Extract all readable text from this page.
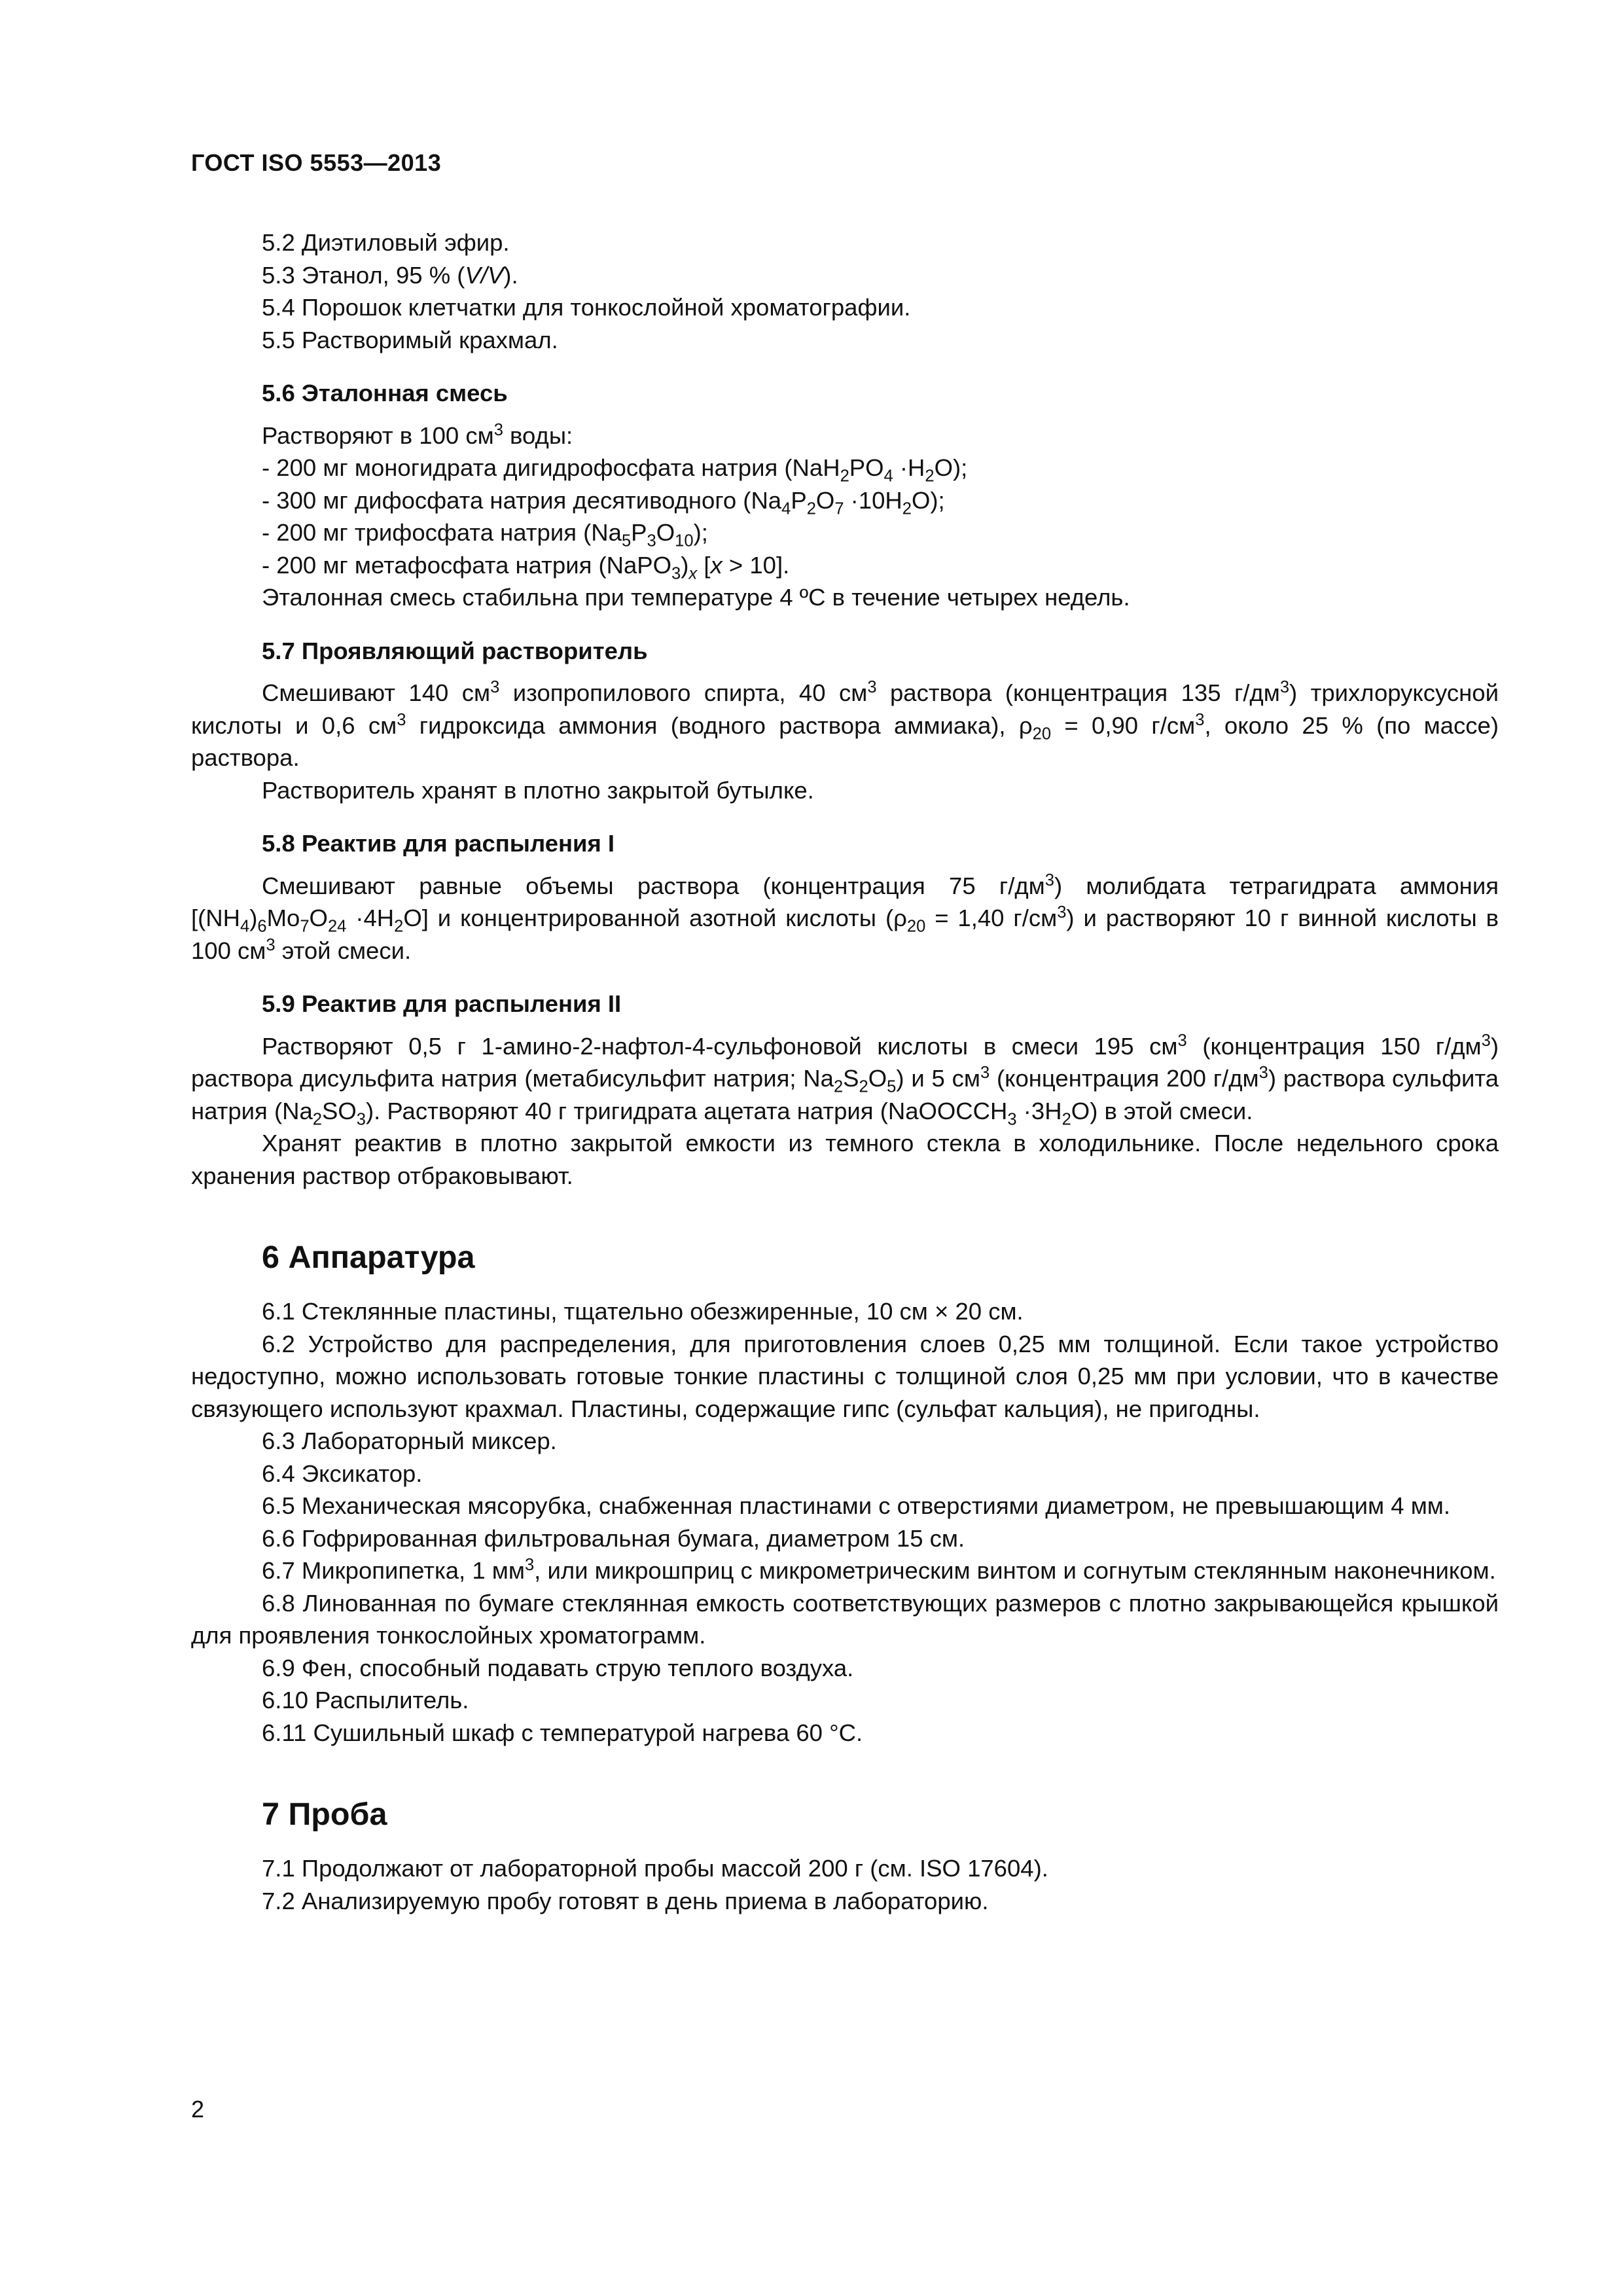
ГОСТ ISO 5553—2013

5.2 Диэтиловый эфир.

5.3 Этанол, 95 % (V/V).

5.4 Порошок клетчатки для тонкослойной хроматографии.

5.5 Растворимый крахмал.

5.6 Эталонная смесь

Растворяют в 100 $см^3$ воды:

- 200 мг моногидрата дигидрофосфата натрия $(NaH_2PO_4 \cdot H_2O)$;

- 300 мг дифосфата натрия десятиводного $(Na_4P_2O_7 \cdot 10H_2O)$;

- 200 мг трифосфата натрия $(Na_5P_3O_{10})$;

- 200 мг метафосфата натрия $(NaPO_3)_x$ [x > 10].

Эталонная смесь стабильна при температуре 4 ºС в течение четырех недель.

5.7 Проявляющий растворитель

Смешивают 140 $см^3$ изопропилового спирта, 40 $см^3$ раствора (концентрация 135 $г/дм^3$) трихлоруксусной кислоты и 0,6 $см^3$ гидроксида аммония (водного раствора аммиака), $\rho_{20} = 0,90$ $г/см^3$, около 25 % (по массе) раствора.

Растворитель хранят в плотно закрытой бутылке.

5.8 Реактив для распыления I

Смешивают равные объемы раствора (концентрация 75 $г/дм^3$) молибдата тетрагидрата аммония $[(NH_4)_6Mo_7O_{24} \cdot 4H_2O]$ и концентрированной азотной кислоты ($\rho_{20} = 1,40$ $г/см^3$) и растворяют 10 г винной кислоты в 100 $см^3$ этой смеси.

5.9 Реактив для распыления II

Растворяют 0,5 г 1-амино-2-нафтол-4-сульфоновой кислоты в смеси 195 $см^3$ (концентрация 150 $г/дм^3$) раствора дисульфита натрия (метабисульфит натрия; $Na_2S_2O_5$) и 5 $см^3$ (концентрация 200 $г/дм^3$) раствора сульфита натрия $(Na_2SO_3)$. Растворяют 40 г тригидрата ацетата натрия (NaOOCCH$_3$ $\cdot 3H_2O$) в этой смеси.

Хранят реактив в плотно закрытой емкости из темного стекла в холодильнике. После недельного срока хранения раствор отбраковывают.

6 Аппаратура

6.1 Стеклянные пластины, тщательно обезжиренные, 10 см × 20 см.

6.2 Устройство для распределения, для приготовления слоев 0,25 мм толщиной. Если такое устройство недоступно, можно использовать готовые тонкие пластины с толщиной слоя 0,25 мм при условии, что в качестве связующего используют крахмал. Пластины, содержащие гипс (сульфат кальция), не пригодны.

6.3 Лабораторный миксер.

6.4 Эксикатор.

6.5 Механическая мясорубка, снабженная пластинами с отверстиями диаметром, не превышающим 4 мм.

6.6 Гофрированная фильтровальная бумага, диаметром 15 см.

6.7 Микропипетка, 1 $мм^3$, или микрошприц с микрометрическим винтом и согнутым стеклянным наконечником.

6.8 Линованная по бумаге стеклянная емкость соответствующих размеров с плотно закрывающейся крышкой для проявления тонкослойных хроматограмм.

6.9 Фен, способный подавать струю теплого воздуха.

6.10 Распылитель.

6.11 Сушильный шкаф с температурой нагрева 60 °С.

7 Проба

7.1 Продолжают от лабораторной пробы массой 200 г (см. ISO 17604).

7.2 Анализируемую пробу готовят в день приема в лабораторию.

2
